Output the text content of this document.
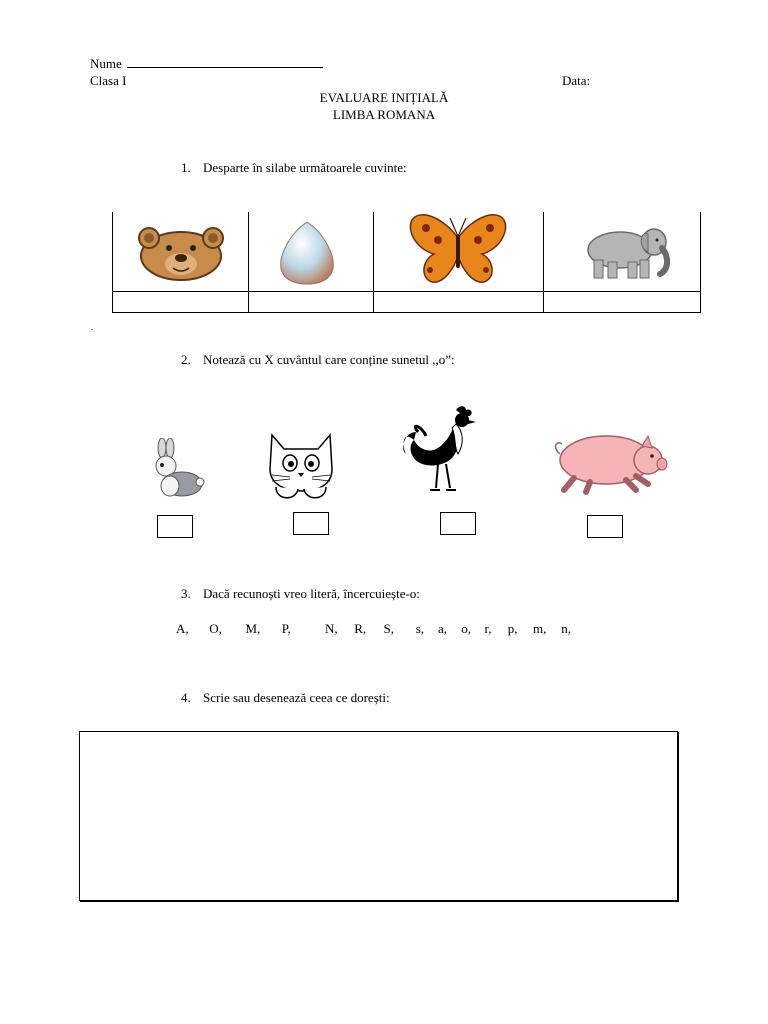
Nume
Clasa I	Data:
EVALUARE INIȚIALĂ
LIMBA ROMANA
1. Desparte în silabe următoarele cuvinte:

.
2. Notează cu X cuvântul care conține sunetul ,,o”:
3. Dacă recunoști vreo literă, încercuiește-o:
A, O, M, P,	N, R, S, s, a, o, r, p, m, n,
4. Scrie sau desenează ceea ce dorești:
